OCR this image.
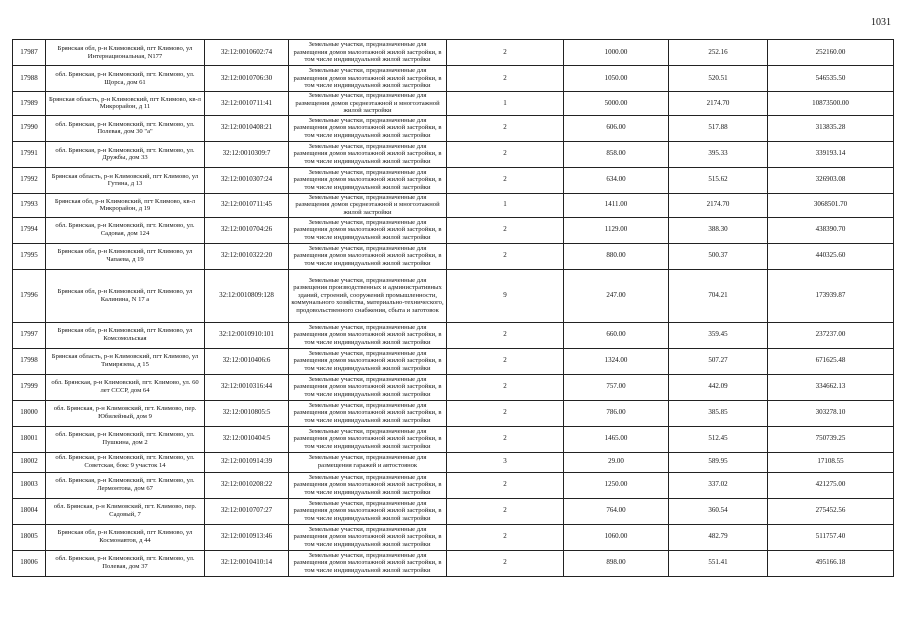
1031
17987	Брянская обл, р-н Климовский, пгт Климово, ул Интернациональная, N177	32:12:0010602:74	Земельные участки, предназначенные для размещения домов малоэтажной жилой застройки, в том числе индивидуальной жилой застройки	2	1000.00	252.16	252160.00
17988	обл. Брянская, р-н Климовский, пгт. Климово, ул. Щорса, дом 61	32:12:0010706:30	Земельные участки, предназначенные для размещения домов малоэтажной жилой застройки, в том числе индивидуальной жилой застройки	2	1050.00	520.51	546535.50
17989	Брянская область, р-н Климовский, пгт Климово, кв-л Микрорайон, д 11	32:12:0010711:41	Земельные участки, предназначенные для размещения домов среднеэтажной и многоэтажной жилой застройки	1	5000.00	2174.70	10873500.00
17990	обл. Брянская, р-н Климовский, пгт. Климово, ул. Полевая, дом 30 "а"	32:12:0010408:21	Земельные участки, предназначенные для размещения домов малоэтажной жилой застройки, в том числе индивидуальной жилой застройки	2	606.00	517.88	313835.28
17991	обл. Брянская, р-н Климовский, пгт. Климово, ул. Дружбы, дом 33	32:12:0010309:7	Земельные участки, предназначенные для размещения домов малоэтажной жилой застройки, в том числе индивидуальной жилой застройки	2	858.00	395.33	339193.14
17992	Брянская область, р-н Климовский, пгт Климово, ул Гутина, д 13	32:12:0010307:24	Земельные участки, предназначенные для размещения домов малоэтажной жилой застройки, в том числе индивидуальной жилой застройки	2	634.00	515.62	326903.08
17993	Брянская обл, р-н Климовский, пгт Климово, кв-л Микрорайон, д 19	32:12:0010711:45	Земельные участки, предназначенные для размещения домов среднеэтажной и многоэтажной жилой застройки	1	1411.00	2174.70	3068501.70
17994	обл. Брянская, р-н Климовский, пгт. Климово, ул. Садовая, дом 124	32:12:0010704:26	Земельные участки, предназначенные для размещения домов малоэтажной жилой застройки, в том числе индивидуальной жилой застройки	2	1129.00	388.30	438390.70
17995	Брянская обл, р-н Климовский, пгт Климово, ул Чапаева, д 19	32:12:0010322:20	Земельные участки, предназначенные для размещения домов малоэтажной жилой застройки, в том числе индивидуальной жилой застройки	2	880.00	500.37	440325.60
17996	Брянская обл, р-н Климовский, пгт Климово, ул Калинина, N 17 а	32:12:0010809:128	Земельные участки, предназначенные для размещения производственных и административных зданий, строений, сооружений промышленности, коммунального хозяйства, материально-технического, продовольственного снабжения, сбыта и заготовок	9	247.00	704.21	173939.87
17997	Брянская обл, р-н Климовский, пгт Климово, ул Комсомольская	32:12:0010910:101	Земельные участки, предназначенные для размещения домов малоэтажной жилой застройки, в том числе индивидуальной жилой застройки	2	660.00	359.45	237237.00
17998	Брянская область, р-н Климовский, пгт Климово, ул Тимирязева, д 15	32:12:0010406:6	Земельные участки, предназначенные для размещения домов малоэтажной жилой застройки, в том числе индивидуальной жилой застройки	2	1324.00	507.27	671625.48
17999	обл. Брянская, р-н Климовский, пгт. Климово, ул. 60 лет СССР, дом 64	32:12:0010316:44	Земельные участки, предназначенные для размещения домов малоэтажной жилой застройки, в том числе индивидуальной жилой застройки	2	757.00	442.09	334662.13
18000	обл. Брянская, р-н Климовский, пгт. Климово, пер. Юбилейный, дом 9	32:12:0010805:5	Земельные участки, предназначенные для размещения домов малоэтажной жилой застройки, в том числе индивидуальной жилой застройки	2	786.00	385.85	303278.10
18001	обл. Брянская, р-н Климовский, пгт. Климово, ул. Пушкина, дом 2	32:12:0010404:5	Земельные участки, предназначенные для размещения домов малоэтажной жилой застройки, в том числе индивидуальной жилой застройки	2	1465.00	512.45	750739.25
18002	обл. Брянская, р-н Климовский, пгт. Климово, ул. Советская, бокс 9 участок 14	32:12:0010914:39	Земельные участки, предназначенные для размещения гаражей и автостоянок	3	29.00	589.95	17108.55
18003	обл. Брянская, р-н Климовский, пгт. Климово, ул. Лермонтова, дом 67	32:12:0010208:22	Земельные участки, предназначенные для размещения домов малоэтажной жилой застройки, в том числе индивидуальной жилой застройки	2	1250.00	337.02	421275.00
18004	обл. Брянская, р-н Климовский, пгт. Климово, пер. Садовый, 7	32:12:0010707:27	Земельные участки, предназначенные для размещения домов малоэтажной жилой застройки, в том числе индивидуальной жилой застройки	2	764.00	360.54	275452.56
18005	Брянская обл, р-н Климовский, пгт Климово, ул Космонавтов, д 44	32:12:0010913:46	Земельные участки, предназначенные для размещения домов малоэтажной жилой застройки, в том числе индивидуальной жилой застройки	2	1060.00	482.79	511757.40
18006	обл. Брянская, р-н Климовский, пгт. Климово, ул. Полевая, дом 37	32:12:0010410:14	Земельные участки, предназначенные для размещения домов малоэтажной жилой застройки, в том числе индивидуальной жилой застройки	2	898.00	551.41	495166.18
